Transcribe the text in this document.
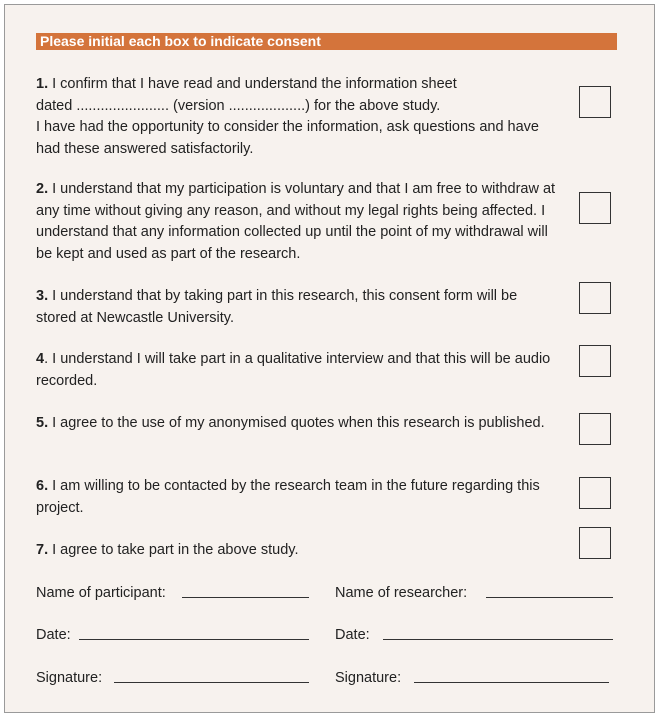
Please initial each box to indicate consent
1. I confirm that I have read and understand the information sheet
dated ....................... (version ...................) for the above study.
I have had the opportunity to consider the information, ask questions and have had these answered satisfactorily.
2. I understand that my participation is voluntary and that I am free to withdraw at any time without giving any reason, and without my legal rights being affected. I understand that any information collected up until the point of my withdrawal will be kept and used as part of the research.
3. I understand that by taking part in this research, this consent form will be stored at Newcastle University.
4. I understand I will take part in a qualitative interview and that this will be audio recorded.
5. I agree to the use of my anonymised quotes when this research is published.
6. I am willing to be contacted by the research team in the future regarding this project.
7. I agree to take part in the above study.
Name of participant:	Name of researcher:
Date:	Date:
Signature:	Signature:
